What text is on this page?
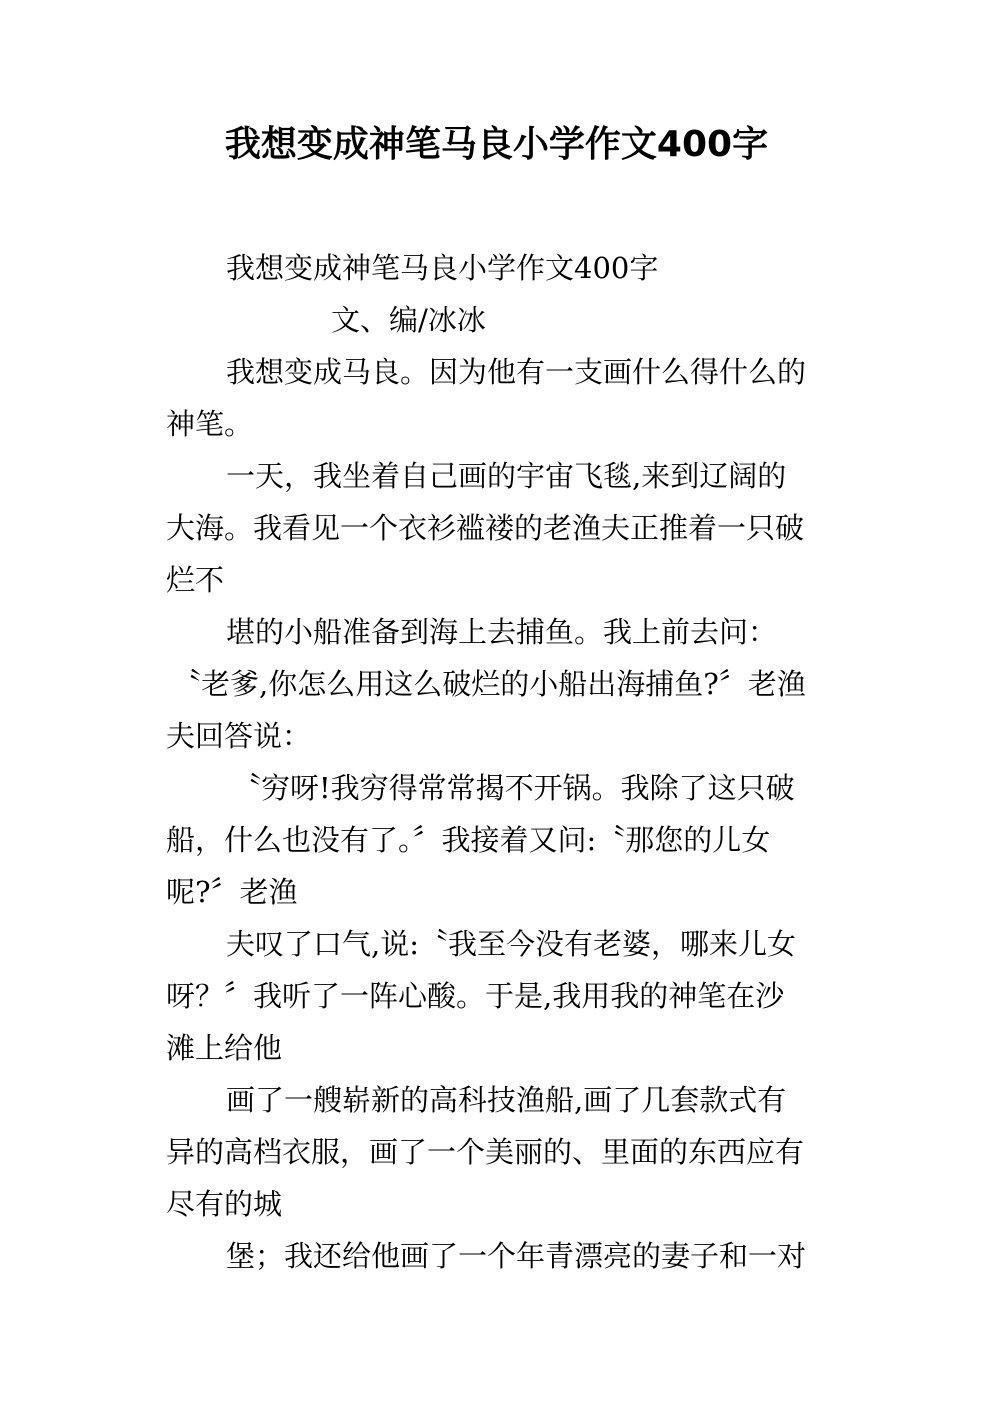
我想变成神笔马良小学作文400字
我想变成神笔马良小学作文400字
文、编/冰冰
我想变成马良。因为他有一支画什么得什么的
神笔。
一天，我坐着自己画的宇宙飞毯,来到辽阔的
大海。我看见一个衣衫褴褛的老渔夫正推着一只破
烂不
堪的小船准备到海上去捕鱼。我上前去问：
〝老爹,你怎么用这么破烂的小船出海捕鱼?〞老渔
夫回答说：
〝穷呀!我穷得常常揭不开锅。我除了这只破
船，什么也没有了。〞我接着又问:〝那您的儿女
呢?〞老渔
夫叹了口气,说:〝我至今没有老婆，哪来儿女
呀？〞我听了一阵心酸。于是,我用我的神笔在沙
滩上给他
画了一艘崭新的高科技渔船,画了几套款式有
异的高档衣服，画了一个美丽的、里面的东西应有
尽有的城
堡；我还给他画了一个年青漂亮的妻子和一对
